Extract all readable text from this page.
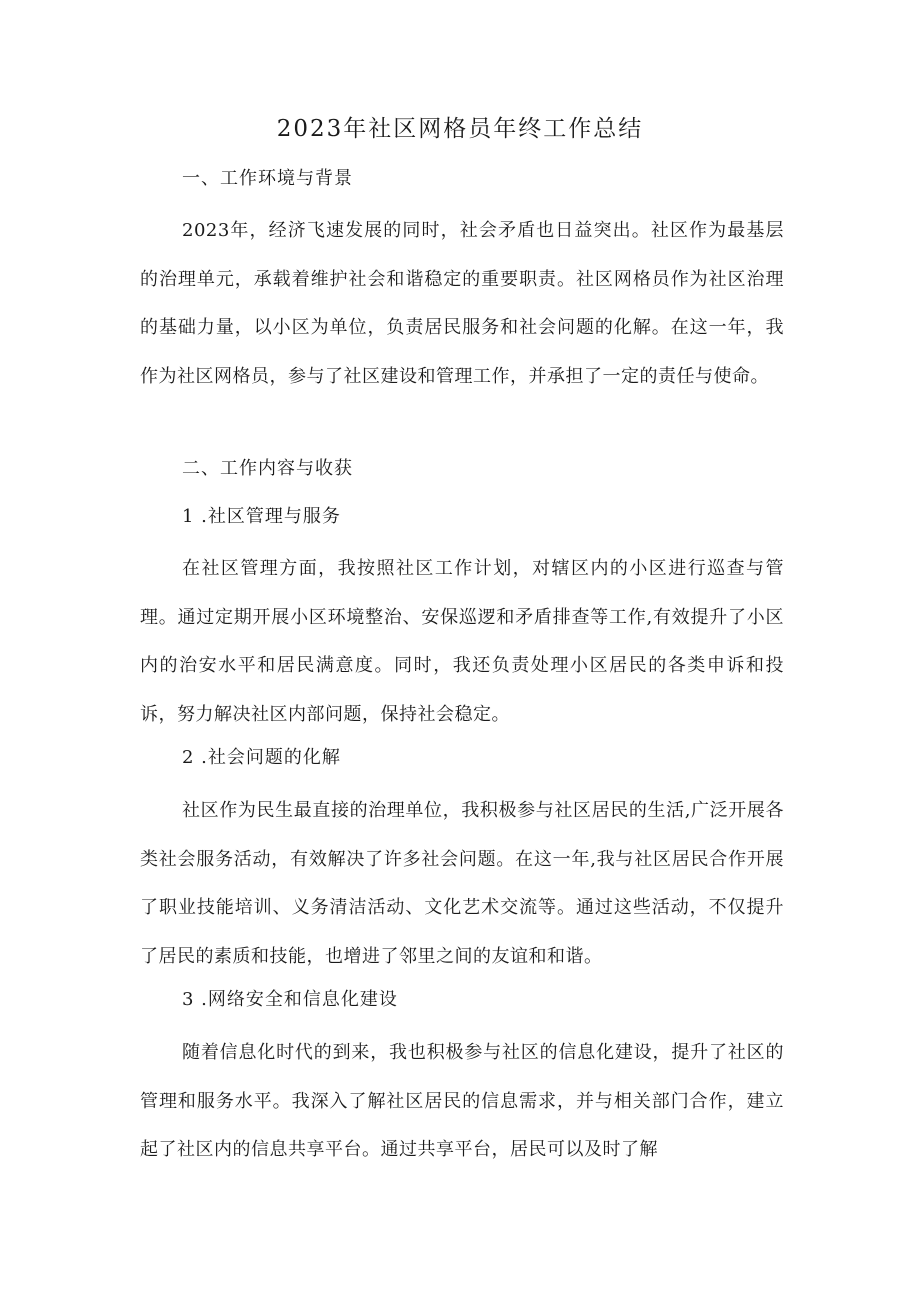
2023年社区网格员年终工作总结
一、工作环境与背景

2023年，经济飞速发展的同时，社会矛盾也日益突出。社区作为最基层的治理单元，承载着维护社会和谐稳定的重要职责。社区网格员作为社区治理的基础力量，以小区为单位，负责居民服务和社会问题的化解。在这一年，我作为社区网格员，参与了社区建设和管理工作，并承担了一定的责任与使命。

二、工作内容与收获
1 .社区管理与服务

在社区管理方面，我按照社区工作计划，对辖区内的小区进行巡查与管理。通过定期开展小区环境整治、安保巡逻和矛盾排查等工作,有效提升了小区内的治安水平和居民满意度。同时，我还负责处理小区居民的各类申诉和投诉，努力解决社区内部问题，保持社会稳定。

2 .社会问题的化解

社区作为民生最直接的治理单位，我积极参与社区居民的生活,广泛开展各类社会服务活动，有效解决了许多社会问题。在这一年,我与社区居民合作开展了职业技能培训、义务清洁活动、文化艺术交流等。通过这些活动，不仅提升了居民的素质和技能，也增进了邻里之间的友谊和和谐。

3 .网络安全和信息化建设

随着信息化时代的到来，我也积极参与社区的信息化建设，提升了社区的管理和服务水平。我深入了解社区居民的信息需求，并与相关部门合作，建立起了社区内的信息共享平台。通过共享平台，居民可以及时了解
